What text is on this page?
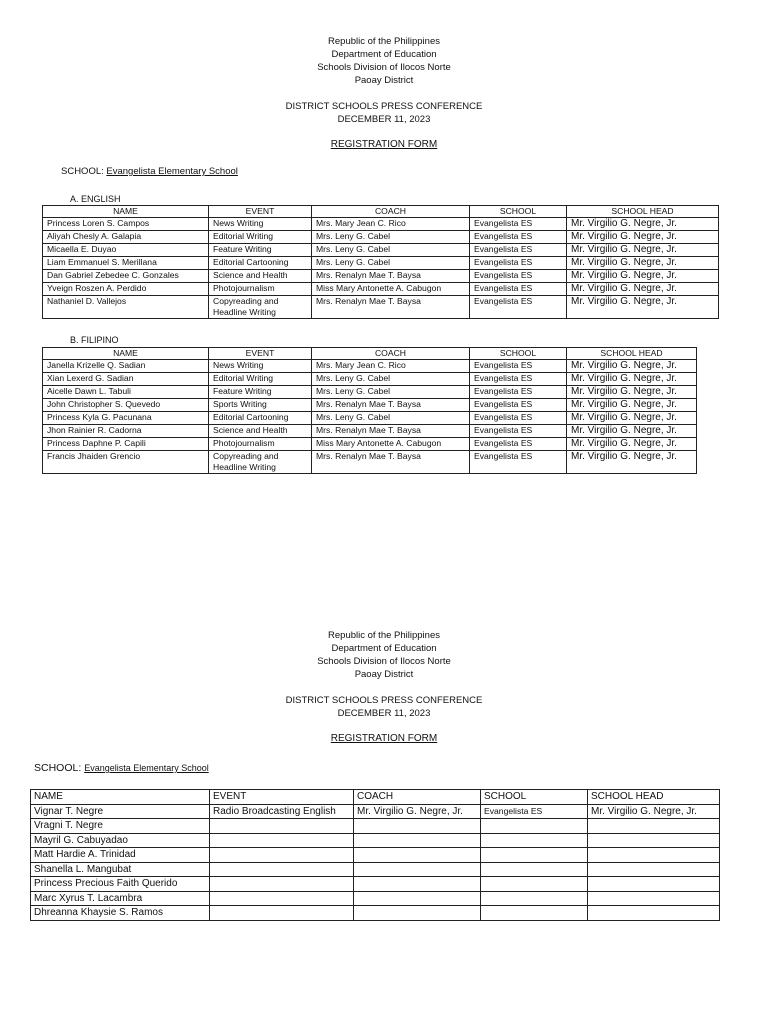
Republic of the Philippines
Department of Education
Schools Division of Ilocos Norte
Paoay District
DISTRICT SCHOOLS PRESS CONFERENCE
DECEMBER 11, 2023
REGISTRATION FORM
SCHOOL: Evangelista Elementary School
A. ENGLISH
NAME	EVENT	COACH	SCHOOL	SCHOOL HEAD
Princess Loren S. Campos	News Writing	Mrs. Mary Jean C. Rico	Evangelista ES	Mr. Virgilio G. Negre, Jr.
Aliyah Chesly A. Galapia	Editorial Writing	Mrs. Leny G. Cabel	Evangelista ES	Mr. Virgilio G. Negre, Jr.
Micaella E. Duyao	Feature Writing	Mrs. Leny G. Cabel	Evangelista ES	Mr. Virgilio G. Negre, Jr.
Liam Emmanuel S. Merillana	Editorial Cartooning	Mrs. Leny G. Cabel	Evangelista ES	Mr. Virgilio G. Negre, Jr.
Dan Gabriel Zebedee C. Gonzales	Science and Health	Mrs. Renalyn Mae T. Baysa	Evangelista ES	Mr. Virgilio G. Negre, Jr.
Yveign Roszen A. Perdido	Photojournalism	Miss Mary Antonette A. Cabugon	Evangelista ES	Mr. Virgilio G. Negre, Jr.
Nathaniel D. Vallejos	Copyreading and Headline Writing	Mrs. Renalyn Mae T. Baysa	Evangelista ES	Mr. Virgilio G. Negre, Jr.
B. FILIPINO
NAME	EVENT	COACH	SCHOOL	SCHOOL HEAD
Janella Krizelle Q. Sadian	News Writing	Mrs. Mary Jean C. Rico	Evangelista ES	Mr. Virgilio G. Negre, Jr.
Xian Lexerd G. Sadian	Editorial Writing	Mrs. Leny G. Cabel	Evangelista ES	Mr. Virgilio G. Negre, Jr.
Aicelle Dawn L. Tabuli	Feature Writing	Mrs. Leny G. Cabel	Evangelista ES	Mr. Virgilio G. Negre, Jr.
John Christopher S. Quevedo	Sports Writing	Mrs. Renalyn Mae T. Baysa	Evangelista ES	Mr. Virgilio G. Negre, Jr.
Princess Kyla G. Pacunana	Editorial Cartooning	Mrs. Leny G. Cabel	Evangelista ES	Mr. Virgilio G. Negre, Jr.
Jhon Rainier R. Cadorna	Science and Health	Mrs. Renalyn Mae T. Baysa	Evangelista ES	Mr. Virgilio G. Negre, Jr.
Princess Daphne P. Capili	Photojournalism	Miss Mary Antonette A. Cabugon	Evangelista ES	Mr. Virgilio G. Negre, Jr.
Francis Jhaiden Grencio	Copyreading and Headline Writing	Mrs. Renalyn Mae T. Baysa	Evangelista ES	Mr. Virgilio G. Negre, Jr.
Republic of the Philippines
Department of Education
Schools Division of Ilocos Norte
Paoay District
DISTRICT SCHOOLS PRESS CONFERENCE
DECEMBER 11, 2023
REGISTRATION FORM
SCHOOL: Evangelista Elementary School
NAME	EVENT	COACH	SCHOOL	SCHOOL HEAD
Vignar T. Negre	Radio Broadcasting English	Mr. Virgilio G. Negre, Jr.	Evangelista ES	Mr. Virgilio G. Negre, Jr.
Vragni T. Negre				
Mayril G. Cabuyadao				
Matt Hardie A. Trinidad				
Shanella L. Mangubat				
Princess Precious Faith Querido				
Marc Xyrus T. Lacambra				
Dhreanna Khaysie S. Ramos				
